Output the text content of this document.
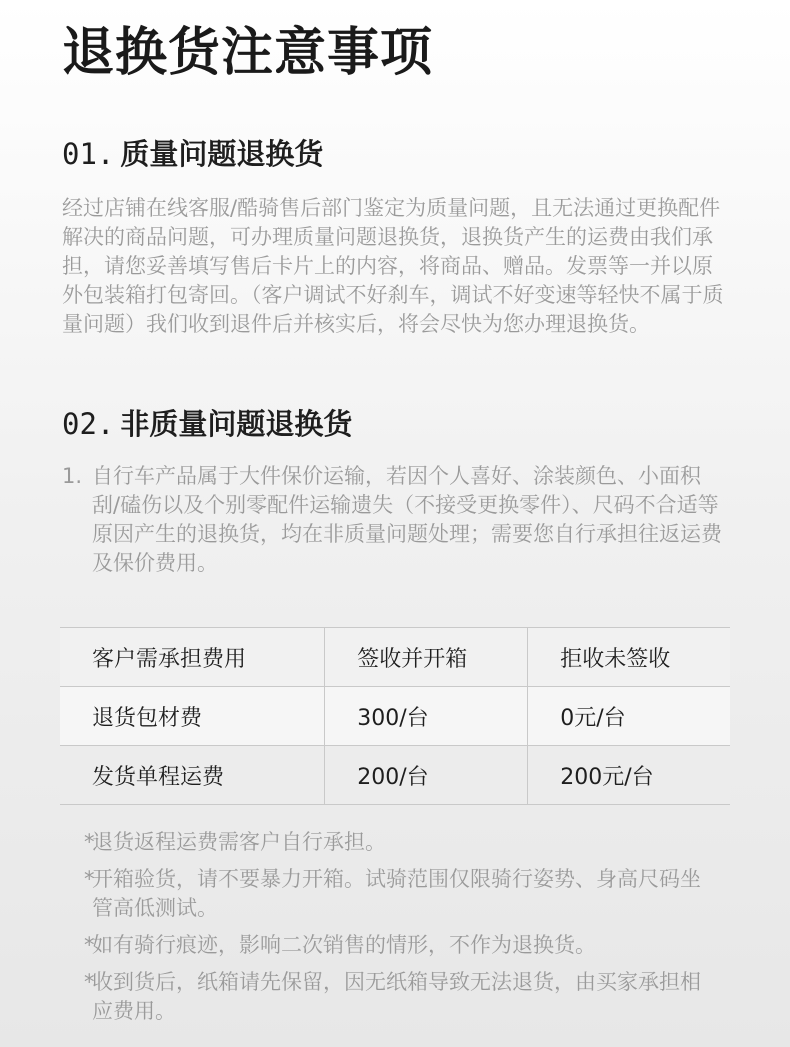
退换货注意事项
01. 质量问题退换货

经过店铺在线客服/酷骑售后部门鉴定为质量问题，且无法通过更换配件解决的商品问题，可办理质量问题退换货，退换货产生的运费由我们承担，请您妥善填写售后卡片上的内容，将商品、赠品。发票等一并以原外包装箱打包寄回。（客户调试不好刹车，调试不好变速等轻快不属于质量问题）我们收到退件后并核实后，将会尽快为您办理退换货。

02. 非质量问题退换货
1. 自行车产品属于大件保价运输，若因个人喜好、涂装颜色、小面积刮/磕伤以及个别零配件运输遗失（不接受更换零件）、尺码不合适等原因产生的退换货，均在非质量问题处理；需要您自行承担往返运费及保价费用。
客户需承担费用	签收并开箱	拒收未签收
退货包材费	300/台	0元/台
发货单程运费	200/台	200元/台
*
退货返程运费需客户自行承担。
*
开箱验货，请不要暴力开箱。试骑范围仅限骑行姿势、身高尺码坐管高低测试。
*
如有骑行痕迹，影响二次销售的情形，不作为退换货。
*
收到货后，纸箱请先保留，因无纸箱导致无法退货，由买家承担相应费用。
